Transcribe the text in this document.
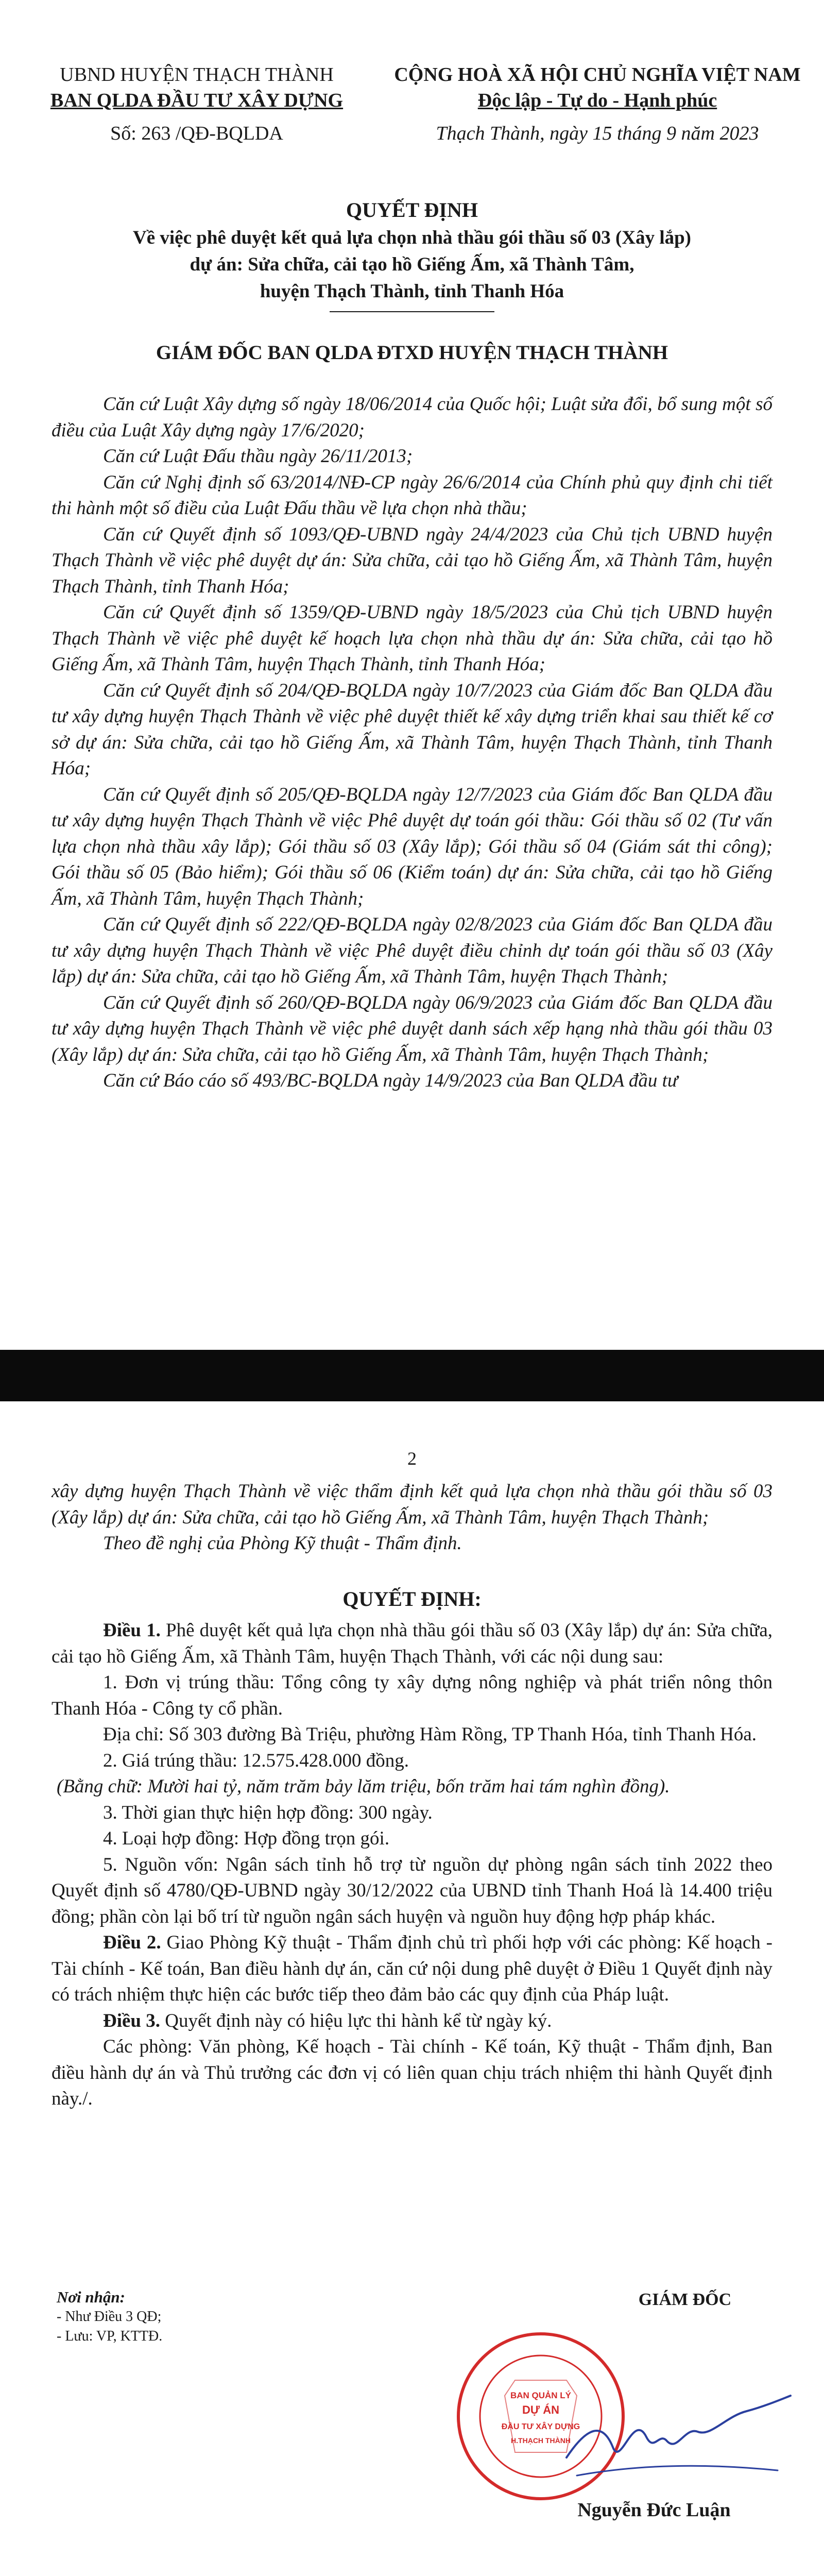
UBND HUYỆN THẠCH THÀNH
BAN QLDA ĐẦU TƯ XÂY DỰNG
Số: 263 /QĐ-BQLDA
CỘNG HOÀ XÃ HỘI CHỦ NGHĨA VIỆT NAM
Độc lập - Tự do - Hạnh phúc
Thạch Thành, ngày 15 tháng 9 năm 2023
QUYẾT ĐỊNH
Về việc phê duyệt kết quả lựa chọn nhà thầu gói thầu số 03 (Xây lắp)
dự án: Sửa chữa, cải tạo hồ Giếng Ấm, xã Thành Tâm,
huyện Thạch Thành, tỉnh Thanh Hóa
GIÁM ĐỐC BAN QLDA ĐTXD HUYỆN THẠCH THÀNH

Căn cứ Luật Xây dựng số ngày 18/06/2014 của Quốc hội; Luật sửa đổi, bổ sung một số điều của Luật Xây dựng ngày 17/6/2020;

Căn cứ Luật Đấu thầu ngày 26/11/2013;

Căn cứ Nghị định số 63/2014/NĐ-CP ngày 26/6/2014 của Chính phủ quy định chi tiết thi hành một số điều của Luật Đấu thầu về lựa chọn nhà thầu;

Căn cứ Quyết định số 1093/QĐ-UBND ngày 24/4/2023 của Chủ tịch UBND huyện Thạch Thành về việc phê duyệt dự án: Sửa chữa, cải tạo hồ Giếng Ấm, xã Thành Tâm, huyện Thạch Thành, tỉnh Thanh Hóa;

Căn cứ Quyết định số 1359/QĐ-UBND ngày 18/5/2023 của Chủ tịch UBND huyện Thạch Thành về việc phê duyệt kế hoạch lựa chọn nhà thầu dự án: Sửa chữa, cải tạo hồ Giếng Ấm, xã Thành Tâm, huyện Thạch Thành, tỉnh Thanh Hóa;

Căn cứ Quyết định số 204/QĐ-BQLDA ngày 10/7/2023 của Giám đốc Ban QLDA đầu tư xây dựng huyện Thạch Thành về việc phê duyệt thiết kế xây dựng triển khai sau thiết kế cơ sở dự án: Sửa chữa, cải tạo hồ Giếng Ấm, xã Thành Tâm, huyện Thạch Thành, tỉnh Thanh Hóa;

Căn cứ Quyết định số 205/QĐ-BQLDA ngày 12/7/2023 của Giám đốc Ban QLDA đầu tư xây dựng huyện Thạch Thành về việc Phê duyệt dự toán gói thầu: Gói thầu số 02 (Tư vấn lựa chọn nhà thầu xây lắp); Gói thầu số 03 (Xây lắp); Gói thầu số 04 (Giám sát thi công); Gói thầu số 05 (Bảo hiểm); Gói thầu số 06 (Kiểm toán) dự án: Sửa chữa, cải tạo hồ Giếng Ấm, xã Thành Tâm, huyện Thạch Thành;

Căn cứ Quyết định số 222/QĐ-BQLDA ngày 02/8/2023 của Giám đốc Ban QLDA đầu tư xây dựng huyện Thạch Thành về việc Phê duyệt điều chỉnh dự toán gói thầu số 03 (Xây lắp) dự án: Sửa chữa, cải tạo hồ Giếng Ấm, xã Thành Tâm, huyện Thạch Thành;

Căn cứ Quyết định số 260/QĐ-BQLDA ngày 06/9/2023 của Giám đốc Ban QLDA đầu tư xây dựng huyện Thạch Thành về việc phê duyệt danh sách xếp hạng nhà thầu gói thầu 03 (Xây lắp) dự án: Sửa chữa, cải tạo hồ Giếng Ấm, xã Thành Tâm, huyện Thạch Thành;

Căn cứ Báo cáo số 493/BC-BQLDA ngày 14/9/2023 của Ban QLDA đầu tư

2

xây dựng huyện Thạch Thành về việc thẩm định kết quả lựa chọn nhà thầu gói thầu số 03 (Xây lắp) dự án: Sửa chữa, cải tạo hồ Giếng Ấm, xã Thành Tâm, huyện Thạch Thành;

Theo đề nghị của Phòng Kỹ thuật - Thẩm định.

QUYẾT ĐỊNH:

Điều 1. Phê duyệt kết quả lựa chọn nhà thầu gói thầu số 03 (Xây lắp) dự án: Sửa chữa, cải tạo hồ Giếng Ấm, xã Thành Tâm, huyện Thạch Thành, với các nội dung sau:

1. Đơn vị trúng thầu: Tổng công ty xây dựng nông nghiệp và phát triển nông thôn Thanh Hóa - Công ty cổ phần.

Địa chỉ: Số 303 đường Bà Triệu, phường Hàm Rồng, TP Thanh Hóa, tỉnh Thanh Hóa.

2. Giá trúng thầu: 12.575.428.000 đồng.

(Bằng chữ: Mười hai tỷ, năm trăm bảy lăm triệu, bốn trăm hai tám nghìn đồng).

3. Thời gian thực hiện hợp đồng: 300 ngày.

4. Loại hợp đồng: Hợp đồng trọn gói.

5. Nguồn vốn: Ngân sách tỉnh hỗ trợ từ nguồn dự phòng ngân sách tỉnh 2022 theo Quyết định số 4780/QĐ-UBND ngày 30/12/2022 của UBND tỉnh Thanh Hoá là 14.400 triệu đồng; phần còn lại bố trí từ nguồn ngân sách huyện và nguồn huy động hợp pháp khác.

Điều 2. Giao Phòng Kỹ thuật - Thẩm định chủ trì phối hợp với các phòng: Kế hoạch - Tài chính - Kế toán, Ban điều hành dự án, căn cứ nội dung phê duyệt ở Điều 1 Quyết định này có trách nhiệm thực hiện các bước tiếp theo đảm bảo các quy định của Pháp luật.

Điều 3. Quyết định này có hiệu lực thi hành kể từ ngày ký.

Các phòng: Văn phòng, Kế hoạch - Tài chính - Kế toán, Kỹ thuật - Thẩm định, Ban điều hành dự án và Thủ trưởng các đơn vị có liên quan chịu trách nhiệm thi hành Quyết định này./.

Nơi nhận:
- Như Điều 3 QĐ;
- Lưu: VP, KTTĐ.
GIÁM ĐỐC
BAN QUẢN LÝ
DỰ ÁN
ĐẦU TƯ XÂY DỰNG
H.THẠCH THÀNH
Nguyễn Đức Luận
